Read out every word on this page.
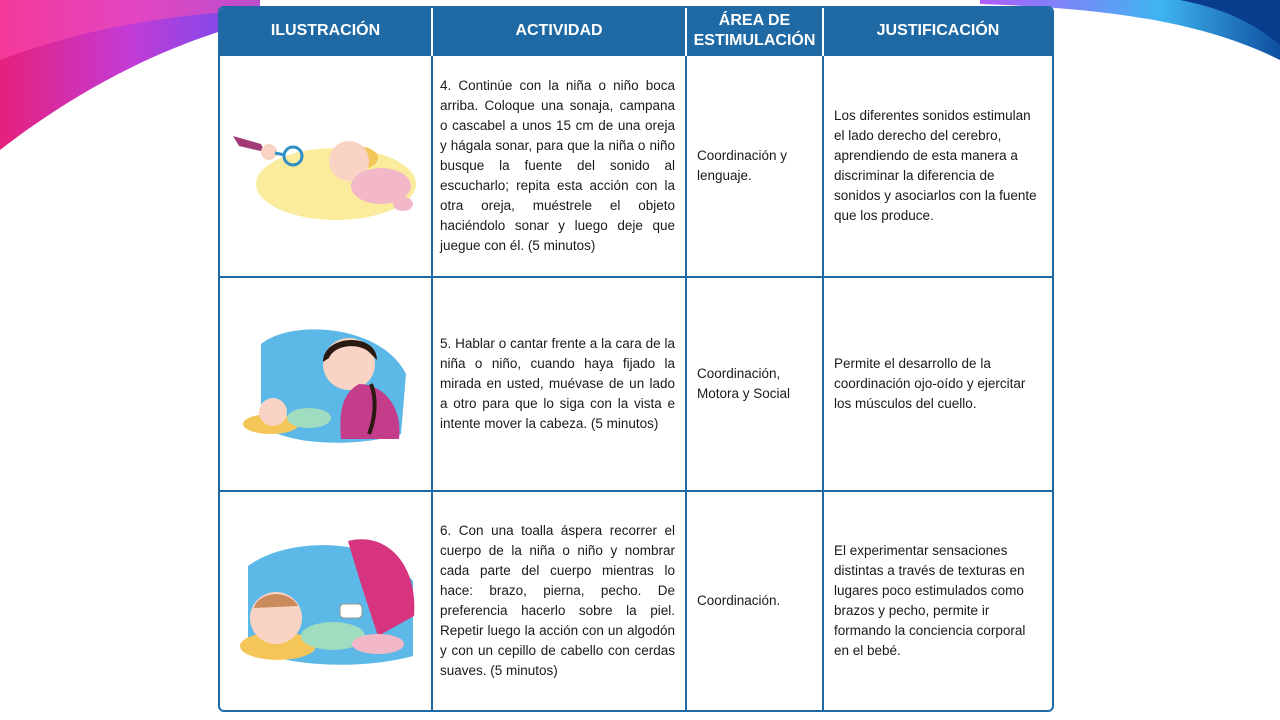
ILUSTRACIÓN	ACTIVIDAD	ÁREA DE ESTIMULACIÓN	JUSTIFICACIÓN

	4. Continúe con la niña o niño boca arriba. Coloque una sonaja, campana o cascabel a unos 15 cm de una oreja y hágala sonar, para que la niña o niño busque la fuente del sonido al escucharlo; repita esta acción con la otra oreja, muéstrele el objeto haciéndolo sonar y luego deje que juegue con él. (5 minutos)	Coordinación y lenguaje.	Los diferentes sonidos estimulan el lado derecho del cerebro, aprendiendo de esta manera a discriminar la diferencia de sonidos y asociarlos con la fuente que los produce.

	5. Hablar o cantar frente a la cara de la niña o niño, cuando haya fijado la mirada en usted, muévase de un lado a otro para que lo siga con la vista e intente mover la cabeza. (5 minutos)	Coordinación, Motora y Social	Permite el desarrollo de la coordinación ojo-oído y ejercitar los músculos del cuello.

	6. Con una toalla áspera recorrer el cuerpo de la niña o niño y nombrar cada parte del cuerpo mientras lo hace: brazo, pierna, pecho. De preferencia hacerlo sobre la piel. Repetir luego la acción con un algodón y con un cepillo de cabello con cerdas suaves. (5 minutos)	Coordinación.	El experimentar sensaciones distintas a través de texturas en lugares poco estimulados como brazos y pecho, permite ir formando la conciencia corporal en el bebé.
